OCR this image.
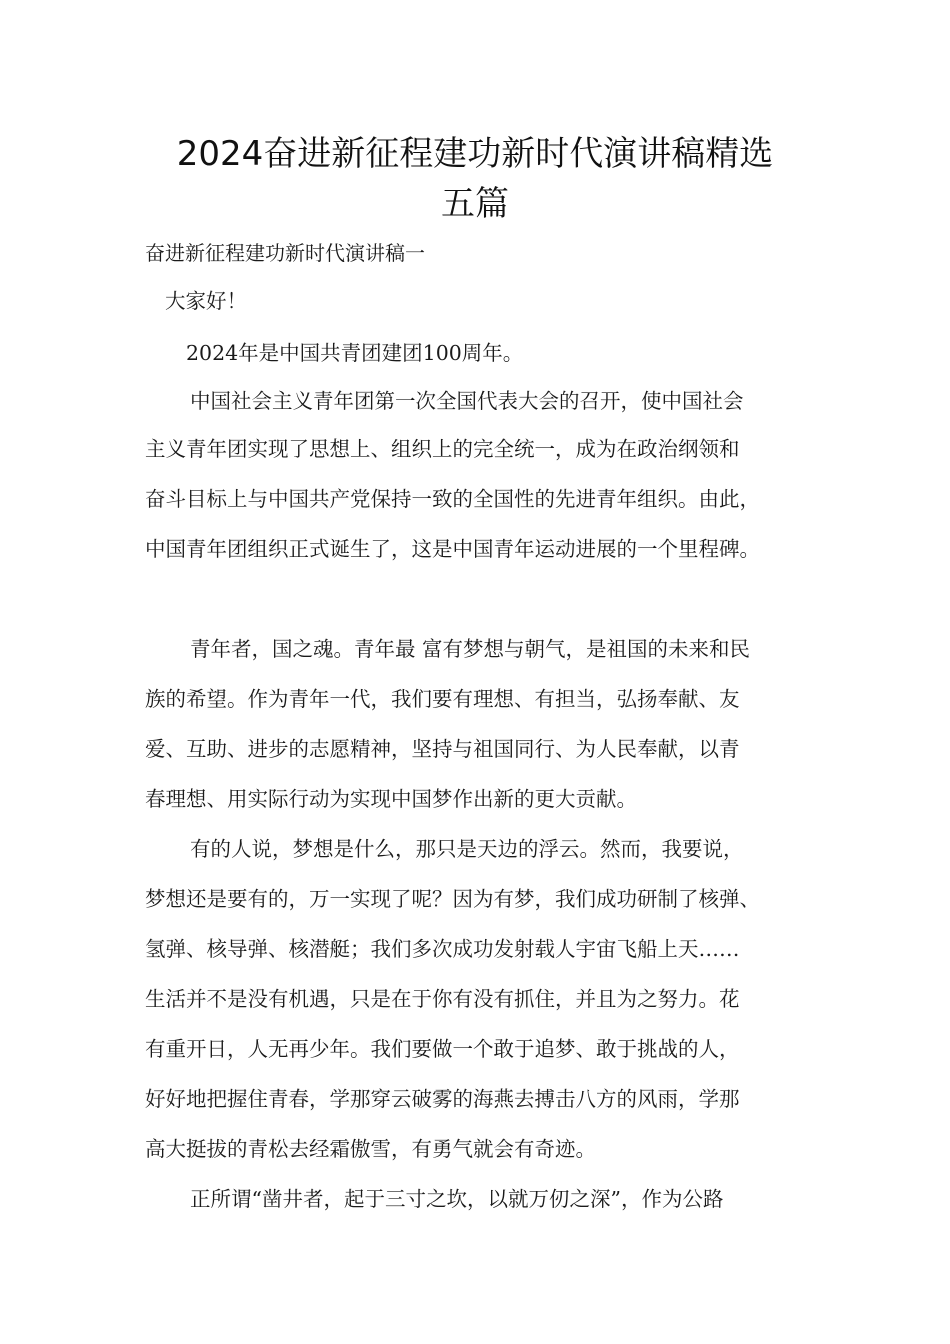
2024奋进新征程建功新时代演讲稿精选
五篇
奋进新征程建功新时代演讲稿一
大家好！
2024年是中国共青团建团100周年。
中国社会主义青年团第一次全国代表大会的召开，使中国社会
主义青年团实现了思想上、组织上的完全统一，成为在政治纲领和
奋斗目标上与中国共产党保持一致的全国性的先进青年组织。由此，
中国青年团组织正式诞生了，这是中国青年运动进展的一个里程碑。
青年者，国之魂。青年最 富有梦想与朝气，是祖国的未来和民
族的希望。作为青年一代，我们要有理想、有担当，弘扬奉献、友
爱、互助、进步的志愿精神，坚持与祖国同行、为人民奉献，以青
春理想、用实际行动为实现中国梦作出新的更大贡献。
有的人说，梦想是什么，那只是天边的浮云。然而，我要说，
梦想还是要有的，万一实现了呢？因为有梦，我们成功研制了核弹、
氢弹、核导弹、核潜艇；我们多次成功发射载人宇宙飞船上天……
生活并不是没有机遇，只是在于你有没有抓住，并且为之努力。花
有重开日，人无再少年。我们要做一个敢于追梦、敢于挑战的人，
好好地把握住青春，学那穿云破雾的海燕去搏击八方的风雨，学那
高大挺拔的青松去经霜傲雪，有勇气就会有奇迹。
正所谓“凿井者，起于三寸之坎，以就万仞之深”，作为公路
